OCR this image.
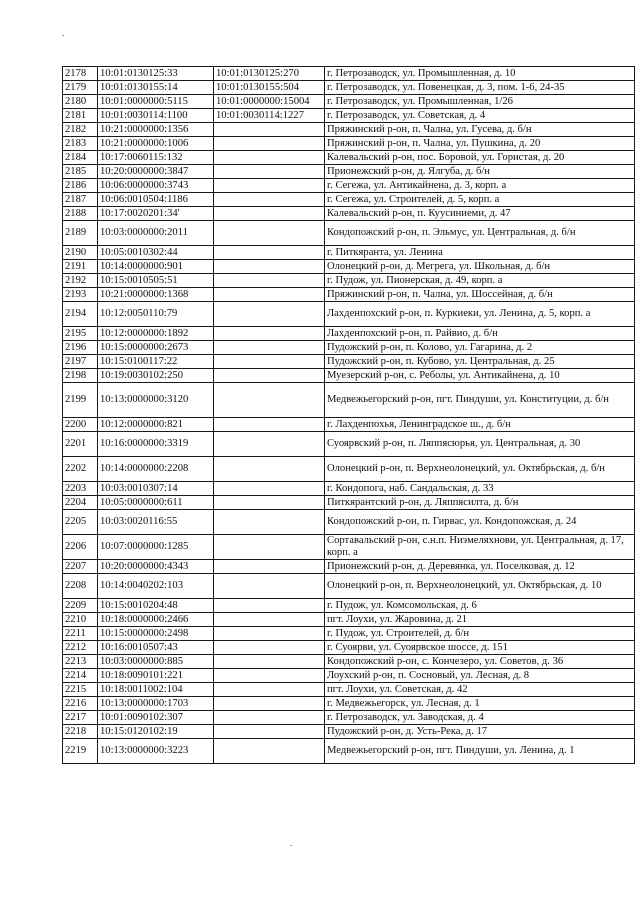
.
.
2178	10:01:0130125:33	10:01:0130125:270	г. Петрозаводск, ул. Промышленная, д. 10
2179	10:01:0130155:14	10:01:0130155:504	г. Петрозаводск, ул. Повенецкая, д. 3, пом. 1-6, 24-35
2180	10:01:0000000:5115	10:01:0000000:15004	г. Петрозаводск, ул. Промышленная, 1/26
2181	10:01:0030114:1100	10:01:0030114:1227	г. Петрозаводск, ул. Советская, д. 4
2182	10:21:0000000:1356		Пряжинский р-он, п. Чална, ул. Гусева, д. б/н
2183	10:21:0000000:1006		Пряжинский р-он, п. Чална, ул. Пушкина, д. 20
2184	10:17:0060115:132		Калевальский р-он, пос. Боровой, ул. Гористая, д. 20
2185	10:20:0000000:3847		Прионежский р-он, д. Ялгуба, д. б/н
2186	10:06:0000000:3743		г. Сегежа, ул. Антикайнена, д. 3, корп. а
2187	10:06:0010504:1186		г. Сегежа, ул. Строителей, д. 5, корп. а
2188	10:17:0020201:34'		Калевальский р-он, п. Куусиниеми, д. 47
2189	10:03:0000000:2011		Кондопожский р-он, п. Эльмус, ул. Центральная, д. б/н
2190	10:05:0010302:44		г. Питкяранта, ул. Ленина
2191	10:14:0000000:901		Олонецкий р-он, д. Мегрега, ул. Школьная, д. б/н
2192	10:15:0010505:51		г. Пудож, ул. Пионерская, д. 49, корп. а
2193	10:21:0000000:1368		Пряжинский р-он, п. Чална, ул. Шоссейная, д. б/н
2194	10:12:0050110:79		Лахденпохский р-он, п. Куркиеки, ул. Ленина, д. 5, корп. а
2195	10:12:0000000:1892		Лахденпохский р-он, п. Райвио, д. б/н
2196	10:15:0000000:2673		Пудожский р-он, п. Колово, ул. Гагарина, д. 2
2197	10:15:0100117:22		Пудожский р-он, п. Кубово, ул. Центральная, д. 25
2198	10:19:0030102:250		Муезерский р-он, с. Реболы, ул. Антикайнена, д. 10
2199	10:13:0000000:3120		Медвежьегорский р-он, пгт. Пиндуши, ул. Конституции, д. б/н
2200	10:12:0000000:821		г. Лахденпохья, Ленинградское ш., д. б/н
2201	10:16:0000000:3319		Суоярвский р-он, п. Ляппясюрья, ул. Центральная, д. 30
2202	10:14:0000000:2208		Олонецкий р-он, п. Верхнеолонецкий, ул. Октябрьская, д. б/н
2203	10:03:0010307:14		г. Кондопога, наб. Сандальская, д. 33
2204	10:05:0000000:611		Питкярантский р-он, д. Ляппясилта, д. б/н
2205	10:03:0020116:55		Кондопожский р-он, п. Гирвас, ул. Кондопожская, д. 24
2206	10:07:0000000:1285		Сортавальский р-он, с.н.п. Ниэмеляхнови, ул. Центральная, д. 17, корп. а
2207	10:20:0000000:4343		Прионежский р-он, д. Деревянка, ул. Поселковая, д. 12
2208	10:14:0040202:103		Олонецкий р-он, п. Верхнеолонецкий, ул. Октябрьская, д. 10
2209	10:15:0010204:48		г. Пудож, ул. Комсомольская, д. 6
2210	10:18:0000000:2466		пгт. Лоухи, ул. Жаровина, д. 21
2211	10:15:0000000:2498		г. Пудож, ул. Строителей, д. б/н
2212	10:16:0010507:43		г. Суоярви, ул. Суоярвское шоссе, д. 151
2213	10:03:0000000:885		Кондопожский р-он, с. Кончезеро, ул. Советов, д. 36
2214	10:18:0090101:221		Лоухский р-он, п. Сосновый, ул. Лесная, д. 8
2215	10:18:0011002:104		пгт. Лоухи, ул. Советская, д. 42
2216	10:13:0000000:1703		г. Медвежьегорск, ул. Лесная, д. 1
2217	10:01:0090102:307		г. Петрозаводск, ул. Заводская, д. 4
2218	10:15:0120102:19		Пудожский р-он, д. Усть-Река, д. 17
2219	10:13:0000000:3223		Медвежьегорский р-он, пгт. Пиндуши, ул. Ленина, д. 1
